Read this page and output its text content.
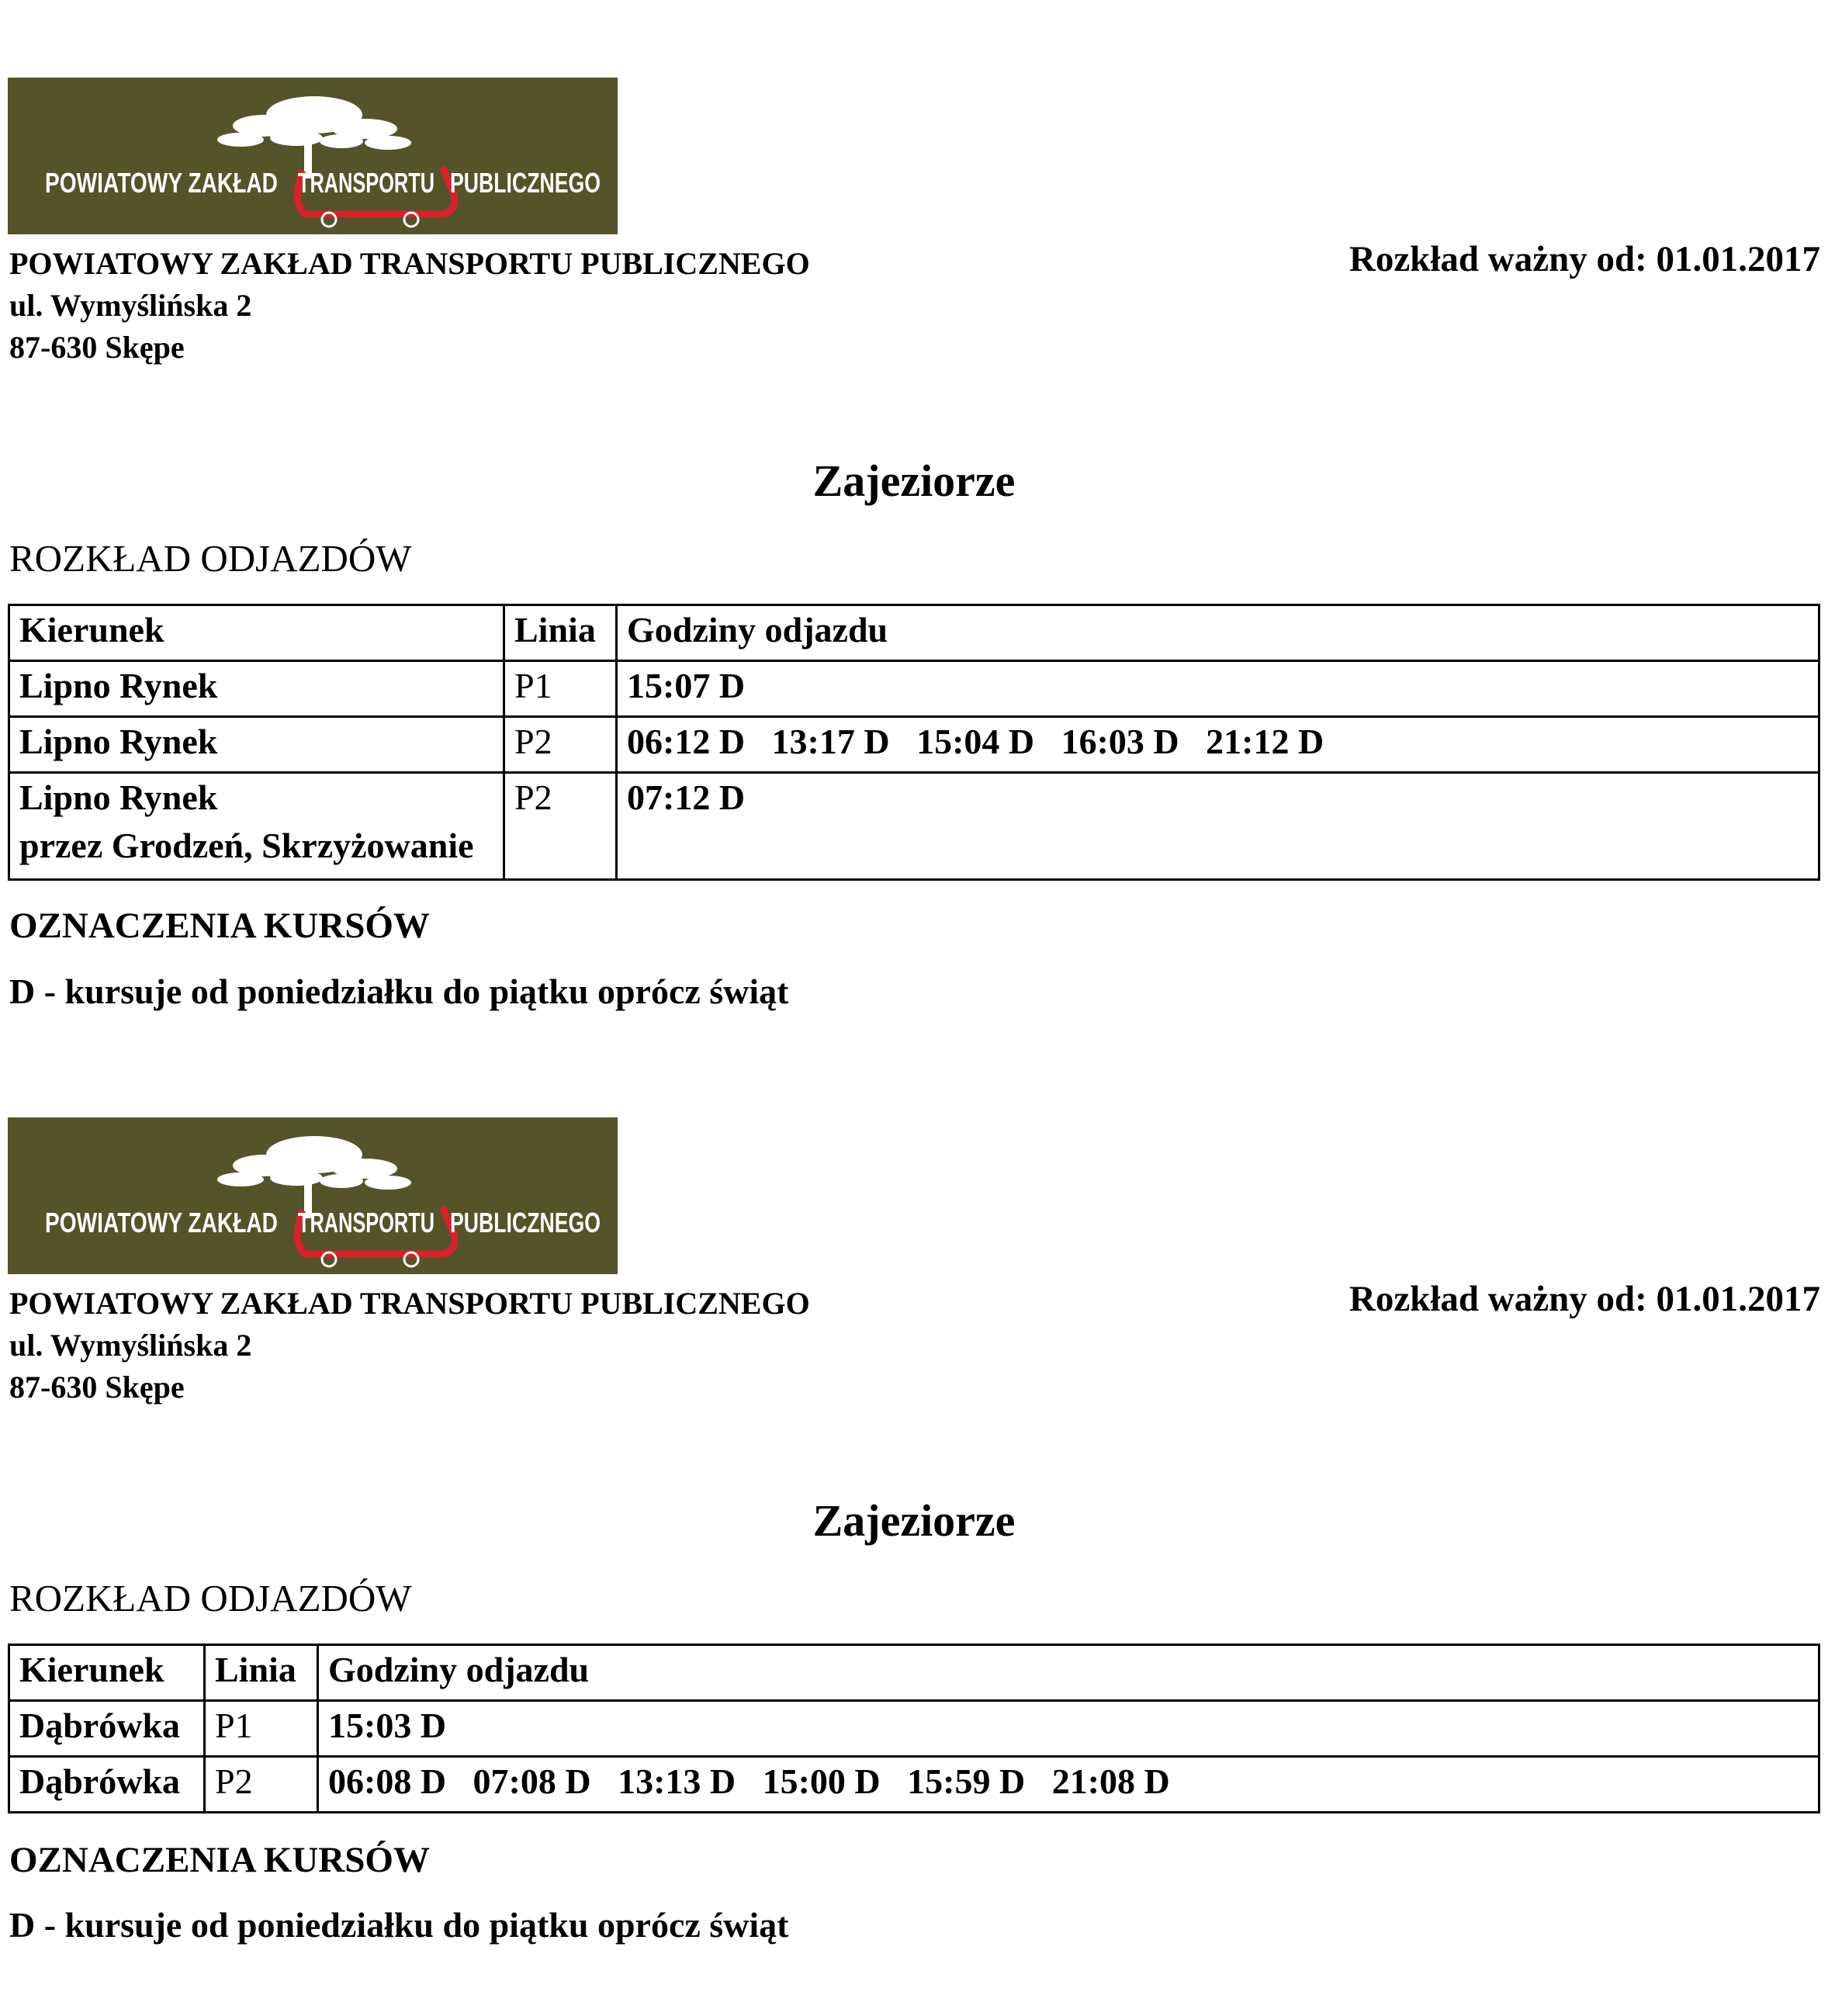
POWIATOWY ZAKŁAD TRANSPORTU PUBLICZNEGO
POWIATOWY ZAKŁAD TRANSPORTU PUBLICZNEGO
ul. Wymyślińska 2
87-630 Skępe
Rozkład ważny od: 01.01.2017
Zajeziorze
ROZKŁAD ODJAZDÓW
Kierunek	Linia	Godziny odjazdu
Lipno Rynek	P1	15:07 D
Lipno Rynek	P2	06:12 D   13:17 D   15:04 D   16:03 D   21:12 D

Lipno Rynek
przez Grodzeń, Skrzyżowanie	P2	07:12 D
OZNACZENIA KURSÓW
D - kursuje od poniedziałku do piątku oprócz świąt
POWIATOWY ZAKŁAD TRANSPORTU PUBLICZNEGO
POWIATOWY ZAKŁAD TRANSPORTU PUBLICZNEGO
ul. Wymyślińska 2
87-630 Skępe
Rozkład ważny od: 01.01.2017
Zajeziorze
ROZKŁAD ODJAZDÓW
Kierunek	Linia	Godziny odjazdu
Dąbrówka	P1	15:03 D
Dąbrówka	P2	06:08 D   07:08 D   13:13 D   15:00 D   15:59 D   21:08 D
OZNACZENIA KURSÓW
D - kursuje od poniedziałku do piątku oprócz świąt
